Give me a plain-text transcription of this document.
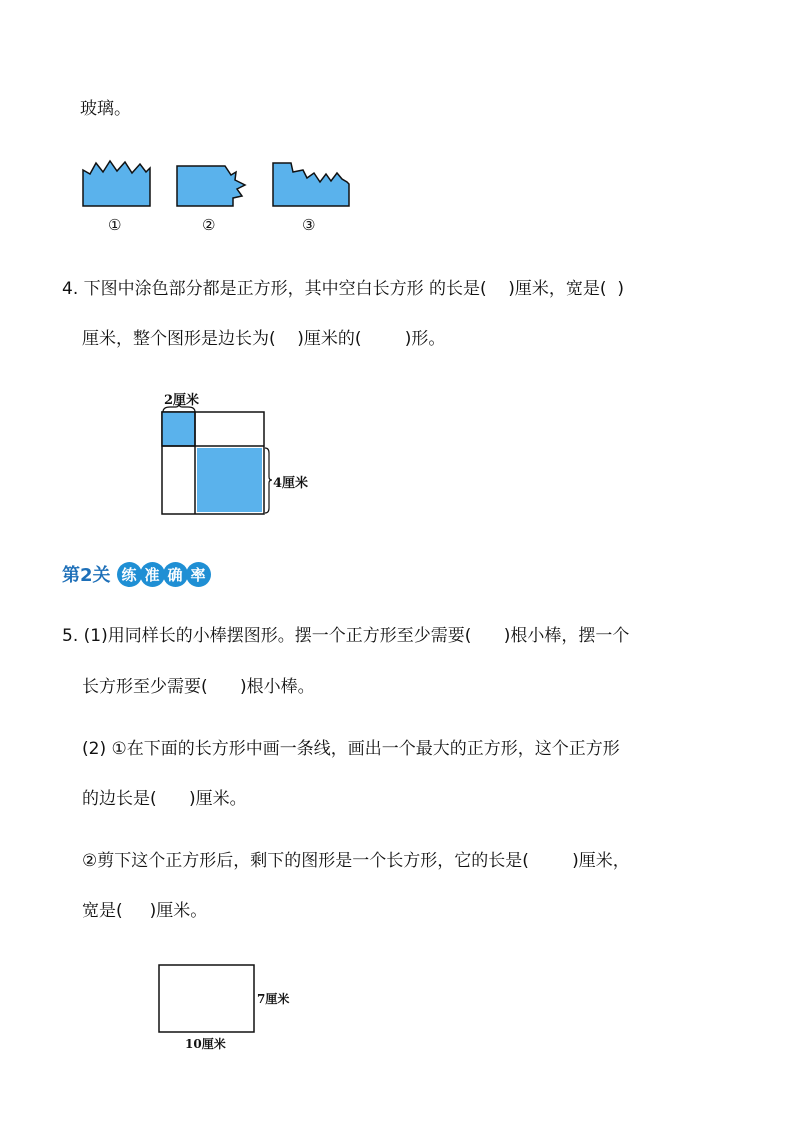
玻璃。
①	②	③
4. 下图中涂色部分都是正方形，其中空白长方形 的长是(    )厘米，宽是(  )
厘米，整个图形是边长为(    )厘米的(        )形。
2厘米
4厘米
第2关 练 准 确 率
5. (1)用同样长的小棒摆图形。摆一个正方形至少需要(      )根小棒，摆一个
长方形至少需要(      )根小棒。
(2) ①在下面的长方形中画一条线，画出一个最大的正方形，这个正方形
的边长是(      )厘米。
②剪下这个正方形后，剩下的图形是一个长方形，它的长是(        )厘米，
宽是(     )厘米。
7厘米
10厘米
